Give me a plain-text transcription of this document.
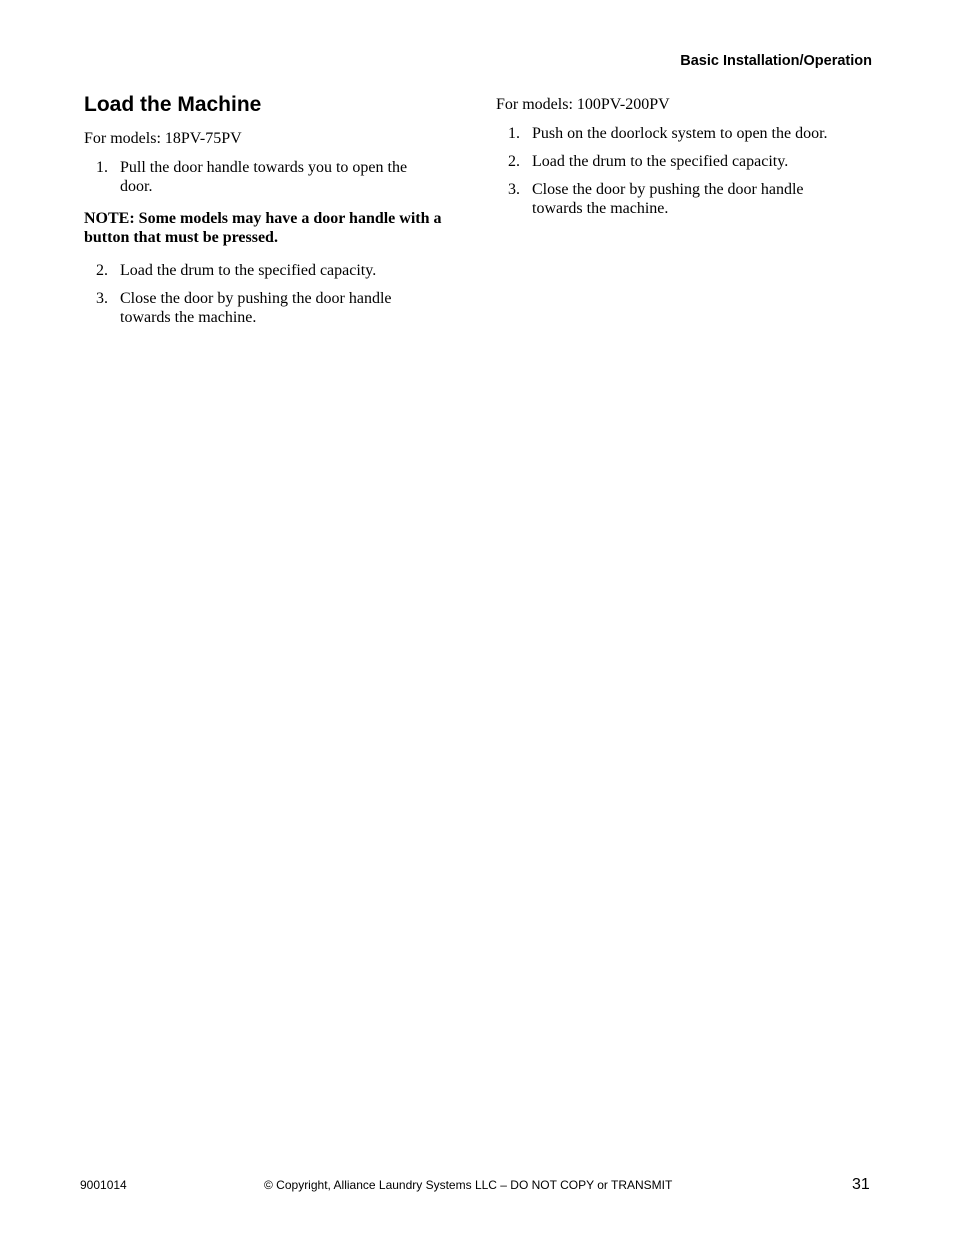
Basic Installation/Operation
Load the Machine

For models: 18PV-75PV

1. Pull the door handle towards you to open the door.

NOTE: Some models may have a door handle with a button that must be pressed.

2. Load the drum to the specified capacity.
3. Close the door by pushing the door handle towards the machine.

For models: 100PV-200PV

1. Push on the doorlock system to open the door.
2. Load the drum to the specified capacity.
3. Close the door by pushing the door handle towards the machine.
9001014	© Copyright, Alliance Laundry Systems LLC – DO NOT COPY or TRANSMIT	31
